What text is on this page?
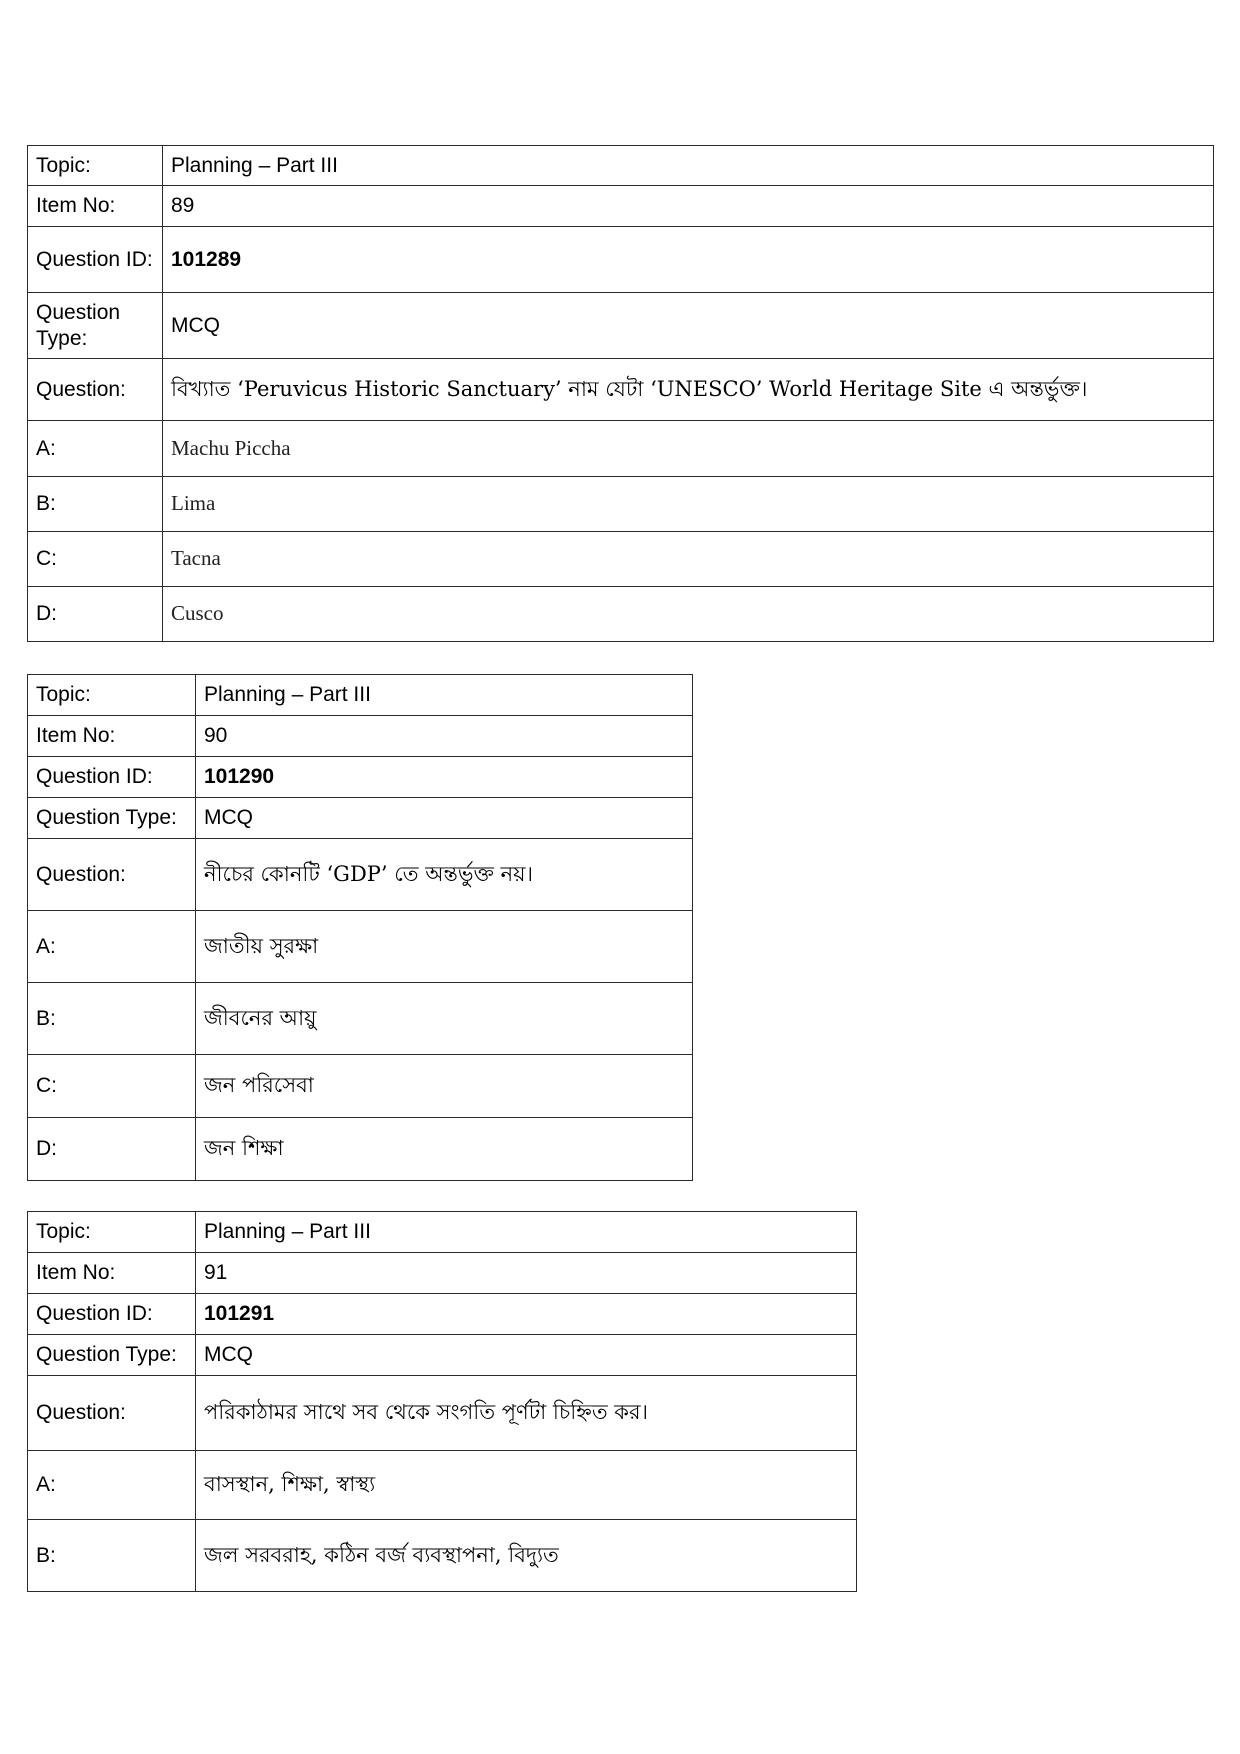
Topic:	Planning – Part III
Item No:	89
Question ID:	101289
Question Type:	MCQ
Question:	বিখ্যাত ‘Peruvicus Historic Sanctuary’ নাম যেটা ‘UNESCO’ World Heritage Site এ অন্তর্ভুক্ত।
A:	Machu Piccha
B:	Lima
C:	Tacna
D:	Cusco
Topic:	Planning – Part III
Item No:	90
Question ID:	101290
Question Type:	MCQ
Question:	নীচের কোনটি ‘GDP’ তে অন্তর্ভুক্ত নয়।
A:	জাতীয় সুরক্ষা
B:	জীবনের আয়ু
C:	জন পরিসেবা
D:	জন শিক্ষা
Topic:	Planning – Part III
Item No:	91
Question ID:	101291
Question Type:	MCQ
Question:	পরিকাঠামর সাথে সব থেকে সংগতি পূর্ণটা চিহ্নিত কর।
A:	বাসস্থান, শিক্ষা, স্বাস্থ্য
B:	জল সরবরাহ, কঠিন বর্জ ব্যবস্থাপনা, বিদ্যুত
